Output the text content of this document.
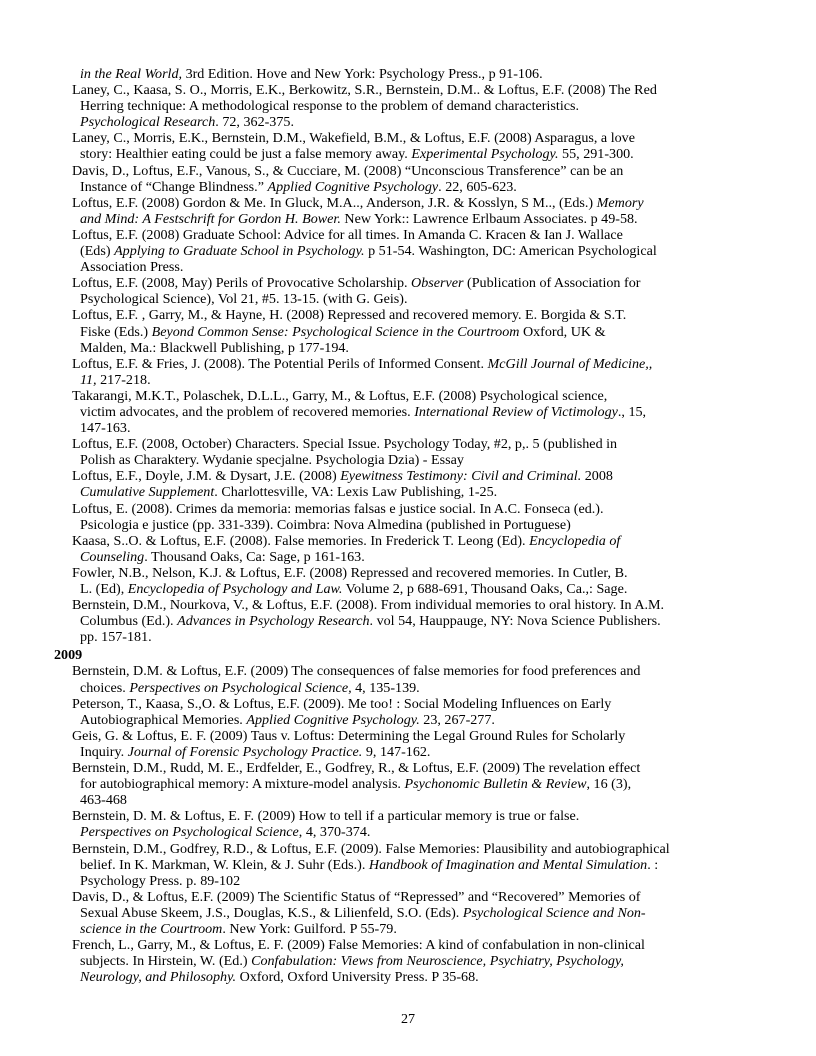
in the Real World, 3rd Edition. Hove and New York: Psychology Press., p 91-106.
Laney, C., Kaasa, S. O., Morris, E.K., Berkowitz, S.R., Bernstein, D.M.. & Loftus, E.F. (2008) The Red
Herring technique: A methodological response to the problem of demand characteristics.
Psychological Research. 72, 362-375.
Laney, C., Morris, E.K., Bernstein, D.M., Wakefield, B.M., & Loftus, E.F. (2008) Asparagus, a love
story: Healthier eating could be just a false memory away. Experimental Psychology. 55, 291-300.
Davis, D., Loftus, E.F., Vanous, S., & Cucciare, M. (2008) “Unconscious Transference” can be an
Instance of “Change Blindness.” Applied Cognitive Psychology. 22, 605-623.
Loftus, E.F. (2008) Gordon & Me. In Gluck, M.A.., Anderson, J.R. & Kosslyn, S M.., (Eds.) Memory
and Mind: A Festschrift for Gordon H. Bower. New York:: Lawrence Erlbaum Associates. p 49-58.
Loftus, E.F. (2008) Graduate School: Advice for all times. In Amanda C. Kracen & Ian J. Wallace
(Eds) Applying to Graduate School in Psychology. p 51-54. Washington, DC: American Psychological
Association Press.
Loftus, E.F. (2008, May) Perils of Provocative Scholarship. Observer (Publication of Association for
Psychological Science), Vol 21, #5. 13-15. (with G. Geis).
Loftus, E.F. , Garry, M., & Hayne, H. (2008) Repressed and recovered memory. E. Borgida & S.T.
Fiske (Eds.) Beyond Common Sense: Psychological Science in the Courtroom Oxford, UK &
Malden, Ma.: Blackwell Publishing, p 177-194.
Loftus, E.F. & Fries, J. (2008). The Potential Perils of Informed Consent. McGill Journal of Medicine,,
11, 217-218.
Takarangi, M.K.T., Polaschek, D.L.L., Garry, M., & Loftus, E.F. (2008) Psychological science,
victim advocates, and the problem of recovered memories. International Review of Victimology., 15,
147-163.
Loftus, E.F. (2008, October) Characters. Special Issue. Psychology Today, #2, p,. 5 (published in
Polish as Charaktery. Wydanie specjalne. Psychologia Dzia) - Essay
Loftus, E.F., Doyle, J.M. & Dysart, J.E. (2008) Eyewitness Testimony: Civil and Criminal. 2008
Cumulative Supplement. Charlottesville, VA: Lexis Law Publishing, 1-25.
Loftus, E. (2008). Crimes da memoria: memorias falsas e justice social. In A.C. Fonseca (ed.).
Psicologia e justice (pp. 331-339). Coimbra: Nova Almedina (published in Portuguese)
Kaasa, S..O. & Loftus, E.F. (2008). False memories. In Frederick T. Leong (Ed). Encyclopedia of
Counseling. Thousand Oaks, Ca: Sage, p 161-163.
Fowler, N.B., Nelson, K.J. & Loftus, E.F. (2008) Repressed and recovered memories. In Cutler, B.
L. (Ed), Encyclopedia of Psychology and Law. Volume 2, p 688-691, Thousand Oaks, Ca.,: Sage.
Bernstein, D.M., Nourkova, V., & Loftus, E.F. (2008). From individual memories to oral history. In A.M.
Columbus (Ed.). Advances in Psychology Research. vol 54, Hauppauge, NY: Nova Science Publishers.
pp. 157-181.
2009
Bernstein, D.M. & Loftus, E.F. (2009) The consequences of false memories for food preferences and
choices. Perspectives on Psychological Science, 4, 135-139.
Peterson, T., Kaasa, S.,O. & Loftus, E.F. (2009). Me too! : Social Modeling Influences on Early
Autobiographical Memories. Applied Cognitive Psychology. 23, 267-277.
Geis, G. & Loftus, E. F. (2009) Taus v. Loftus: Determining the Legal Ground Rules for Scholarly
Inquiry. Journal of Forensic Psychology Practice. 9, 147-162.
Bernstein, D.M., Rudd, M. E., Erdfelder, E., Godfrey, R., & Loftus, E.F. (2009) The revelation effect
for autobiographical memory: A mixture-model analysis. Psychonomic Bulletin & Review, 16 (3),
463-468
Bernstein, D. M. & Loftus, E. F. (2009) How to tell if a particular memory is true or false.
Perspectives on Psychological Science, 4, 370-374.
Bernstein, D.M., Godfrey, R.D., & Loftus, E.F. (2009). False Memories: Plausibility and autobiographical
belief. In K. Markman, W. Klein, & J. Suhr (Eds.). Handbook of Imagination and Mental Simulation. :
Psychology Press. p. 89-102
Davis, D., & Loftus, E.F. (2009) The Scientific Status of “Repressed” and “Recovered” Memories of
Sexual Abuse Skeem, J.S., Douglas, K.S., & Lilienfeld, S.O. (Eds). Psychological Science and Non-
science in the Courtroom. New York: Guilford. P 55-79.
French, L., Garry, M., & Loftus, E. F. (2009) False Memories: A kind of confabulation in non-clinical
subjects. In Hirstein, W. (Ed.) Confabulation: Views from Neuroscience, Psychiatry, Psychology,
Neurology, and Philosophy. Oxford, Oxford University Press. P 35-68.
27
